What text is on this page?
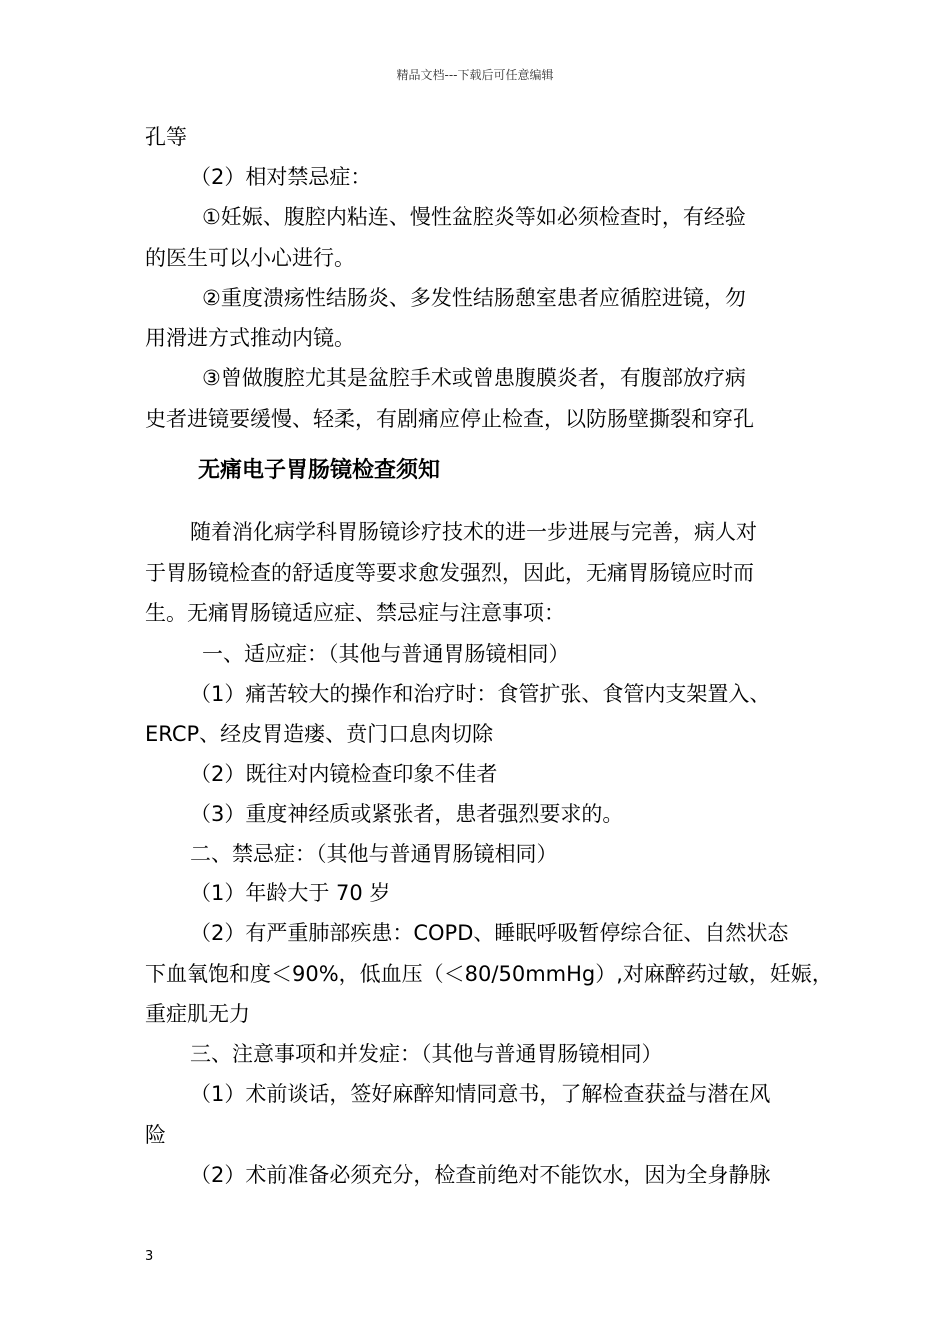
精品文档---下载后可任意编辑
孔等
（2）相对禁忌症：
①妊娠、腹腔内粘连、慢性盆腔炎等如必须检查时，有经验
的医生可以小心进行。
②重度溃疡性结肠炎、多发性结肠憩室患者应循腔进镜，勿
用滑进方式推动内镜。
③曾做腹腔尤其是盆腔手术或曾患腹膜炎者，有腹部放疗病
史者进镜要缓慢、轻柔，有剧痛应停止检查，以防肠壁撕裂和穿孔
无痛电子胃肠镜检查须知
随着消化病学科胃肠镜诊疗技术的进一步进展与完善，病人对
于胃肠镜检查的舒适度等要求愈发强烈，因此，无痛胃肠镜应时而
生。无痛胃肠镜适应症、禁忌症与注意事项：
一、适应症：（其他与普通胃肠镜相同）
（1）痛苦较大的操作和治疗时：食管扩张、食管内支架置入、
ERCP、经皮胃造瘘、贲门口息肉切除
（2）既往对内镜检查印象不佳者
（3）重度神经质或紧张者，患者强烈要求的。
二、禁忌症：（其他与普通胃肠镜相同）
（1）年龄大于 70 岁
（2）有严重肺部疾患：COPD、睡眠呼吸暂停综合征、自然状态
下血氧饱和度＜90%，低血压（＜80/50mmHg）,对麻醉药过敏，妊娠，
重症肌无力
三、注意事项和并发症：（其他与普通胃肠镜相同）
（1）术前谈话，签好麻醉知情同意书，了解检查获益与潜在风
险
（2）术前准备必须充分，检查前绝对不能饮水，因为全身静脉
3
